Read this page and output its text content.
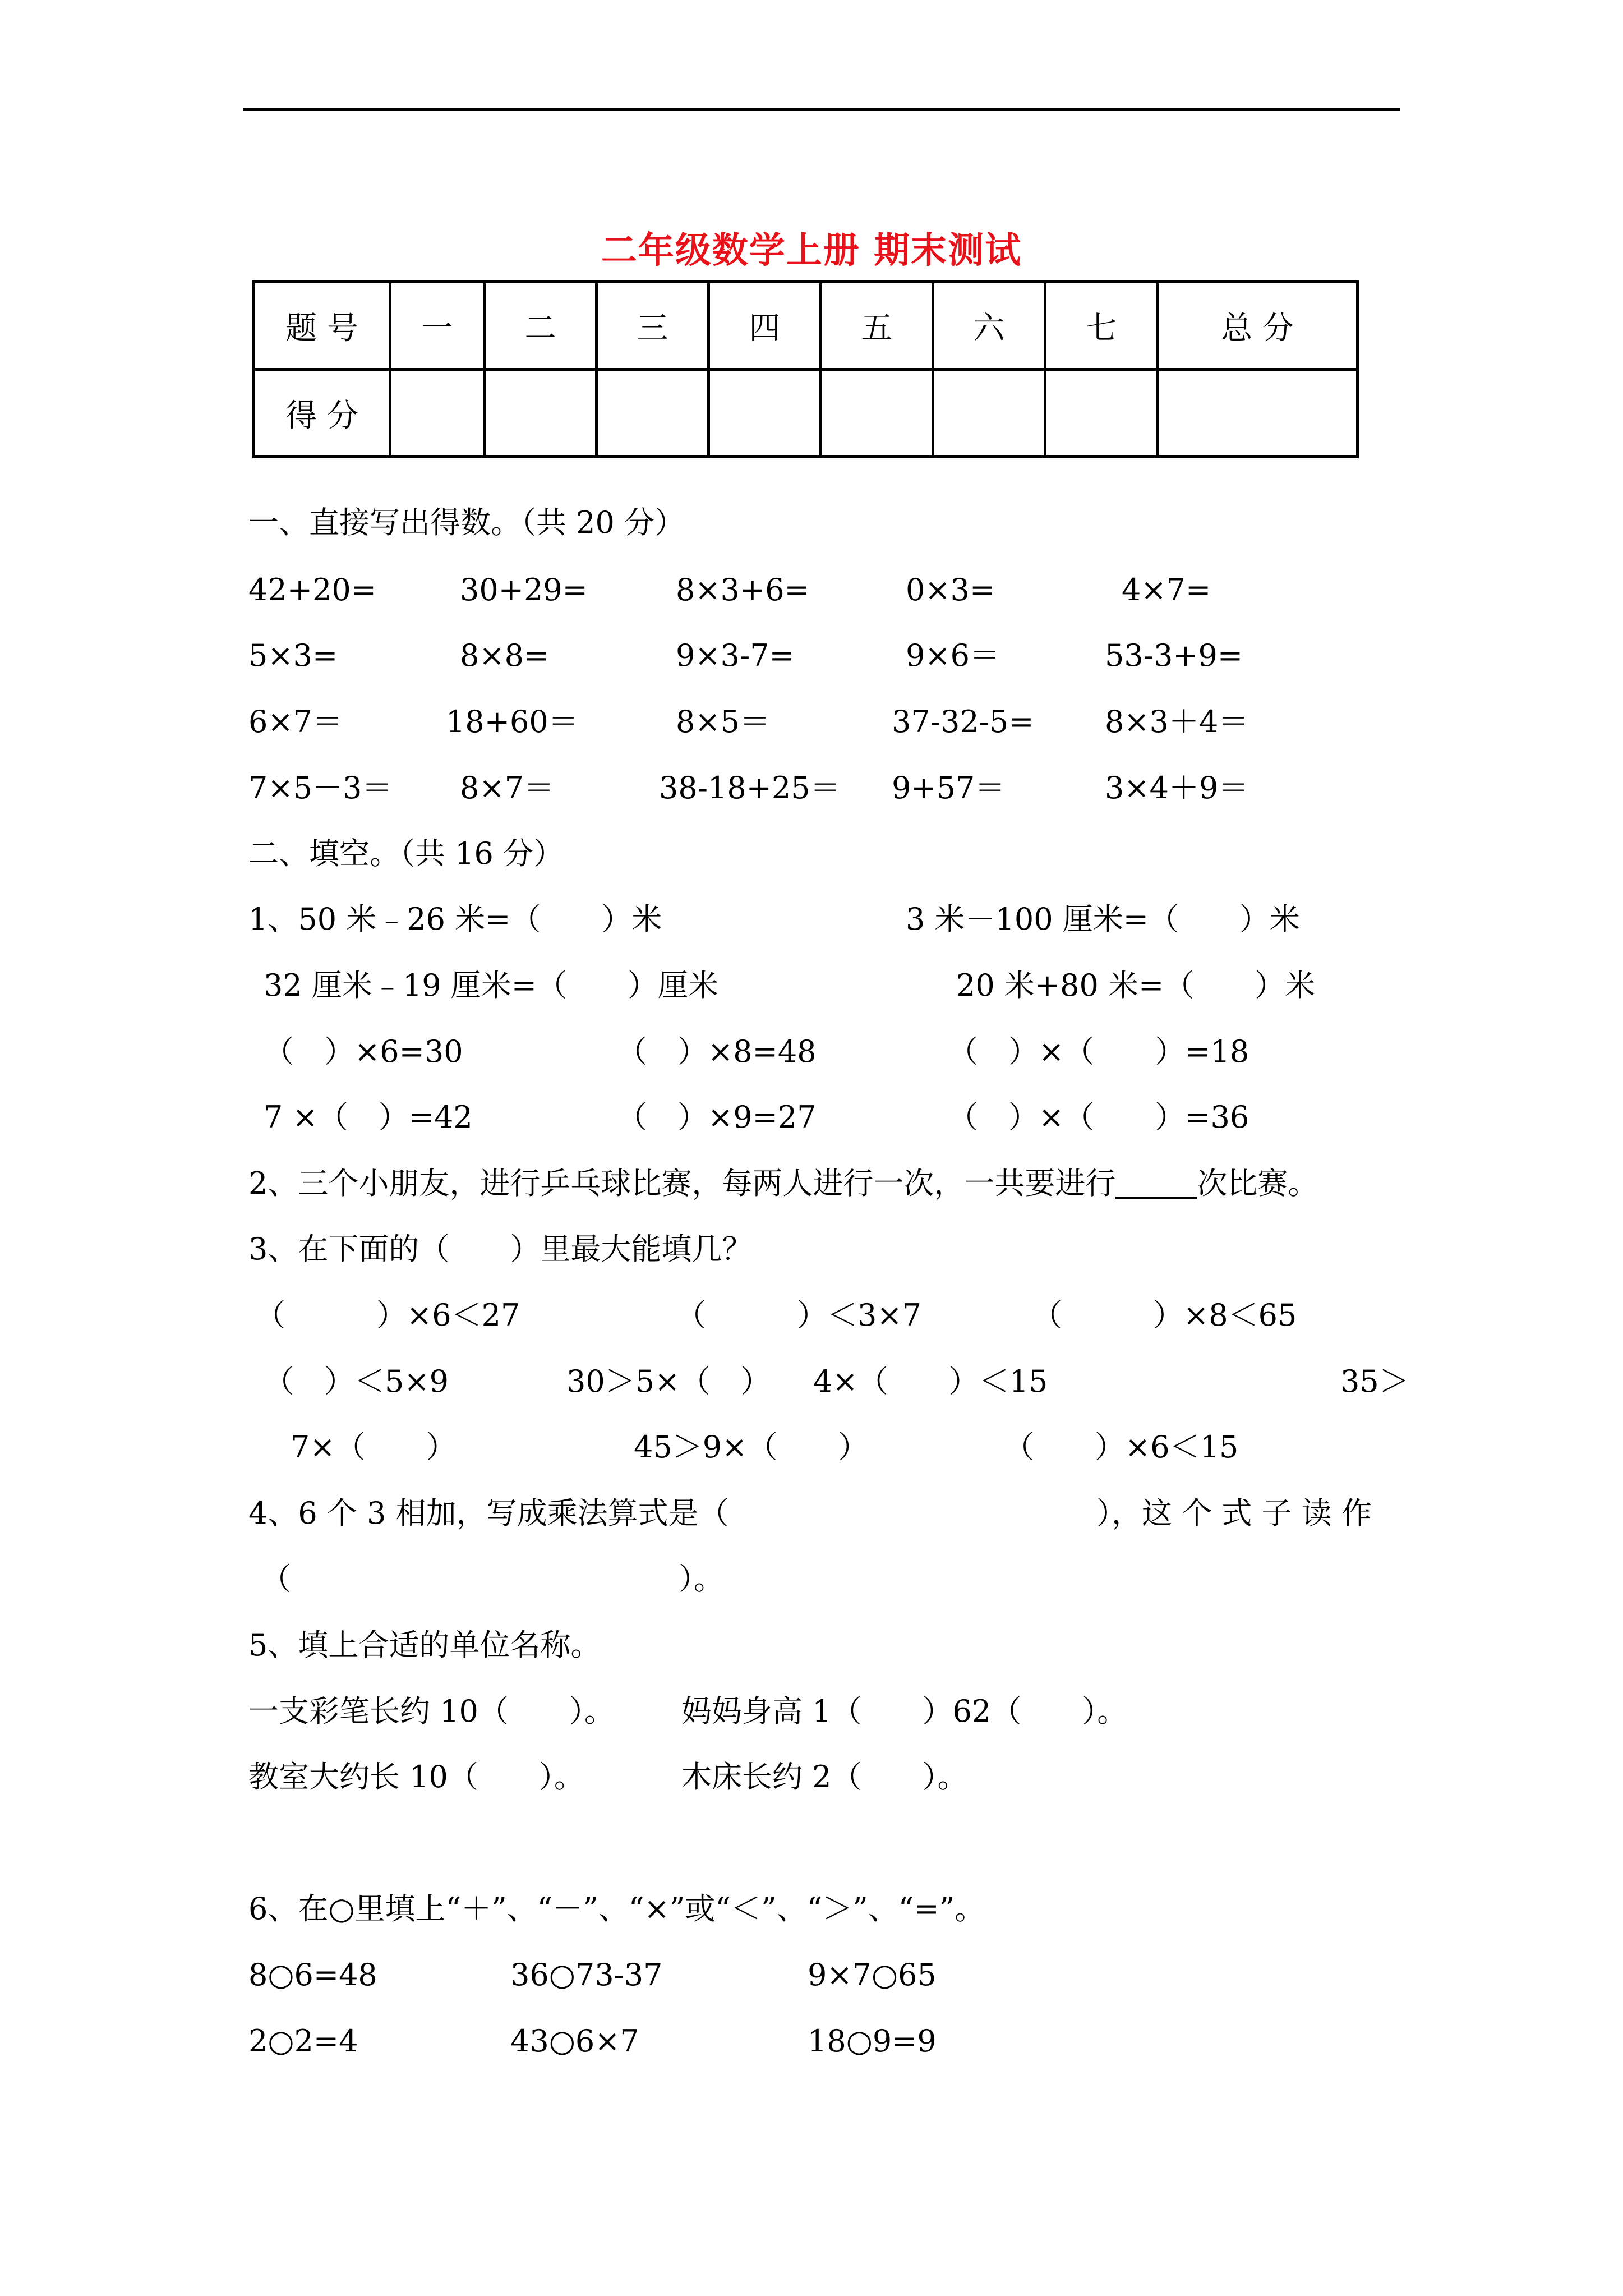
二年级数学上册 期末测试
题 号	一	二	三	四	五	六	七	总 分
得 分								
一、直接写出得数。（共 20 分）
42+20=	30+29=	8×3+6=	0×3=	4×7=
5×3=	8×8=	9×3-7=	9×6＝	53-3+9=
6×7＝	18+60＝	8×5＝	37-32-5= 8×3＋4＝
7×5－3＝ 8×7＝	38-18+25＝ 9+57＝	3×4＋9＝
二、填空。（共 16 分）
1、50 米﹣26 米=（　　）米	3 米－100 厘米=（　　）米
32 厘米﹣19 厘米=（　　）厘米	20 米+80 米=（　　）米
（　）×6=30	（　）×8=48	（　）×（　　）=18
7 ×（　）=42	（　）×9=27	（　）×（　　）=36
2、三个小朋友，进行乒乓球比赛，每两人进行一次，一共要进行	次比赛。
3、在下面的（　　）里最大能填几？
（　　　）×6＜27	（　　　）＜3×7	（　　　）×8＜65
（　）＜5×9	30＞5×（　） 4×（　　）＜15	35＞
7×（　　）	45＞9×（　　）	（　　）×6＜15
4、6 个 3 相加，写成乘法算式是（	），这 个 式 子 读 作
（	）。
5、填上合适的单位名称。
一支彩笔长约 10（　　）。 妈妈身高 1（　　）62（　　）。
教室大约长 10（　　）。	木床长约 2（　　）。
6、在○里填上“＋”、“－”、“×”或“＜”、“＞”、“=”。
8○6=48	36○73-37	9×7○65
2○2=4	43○6×7	18○9=9
